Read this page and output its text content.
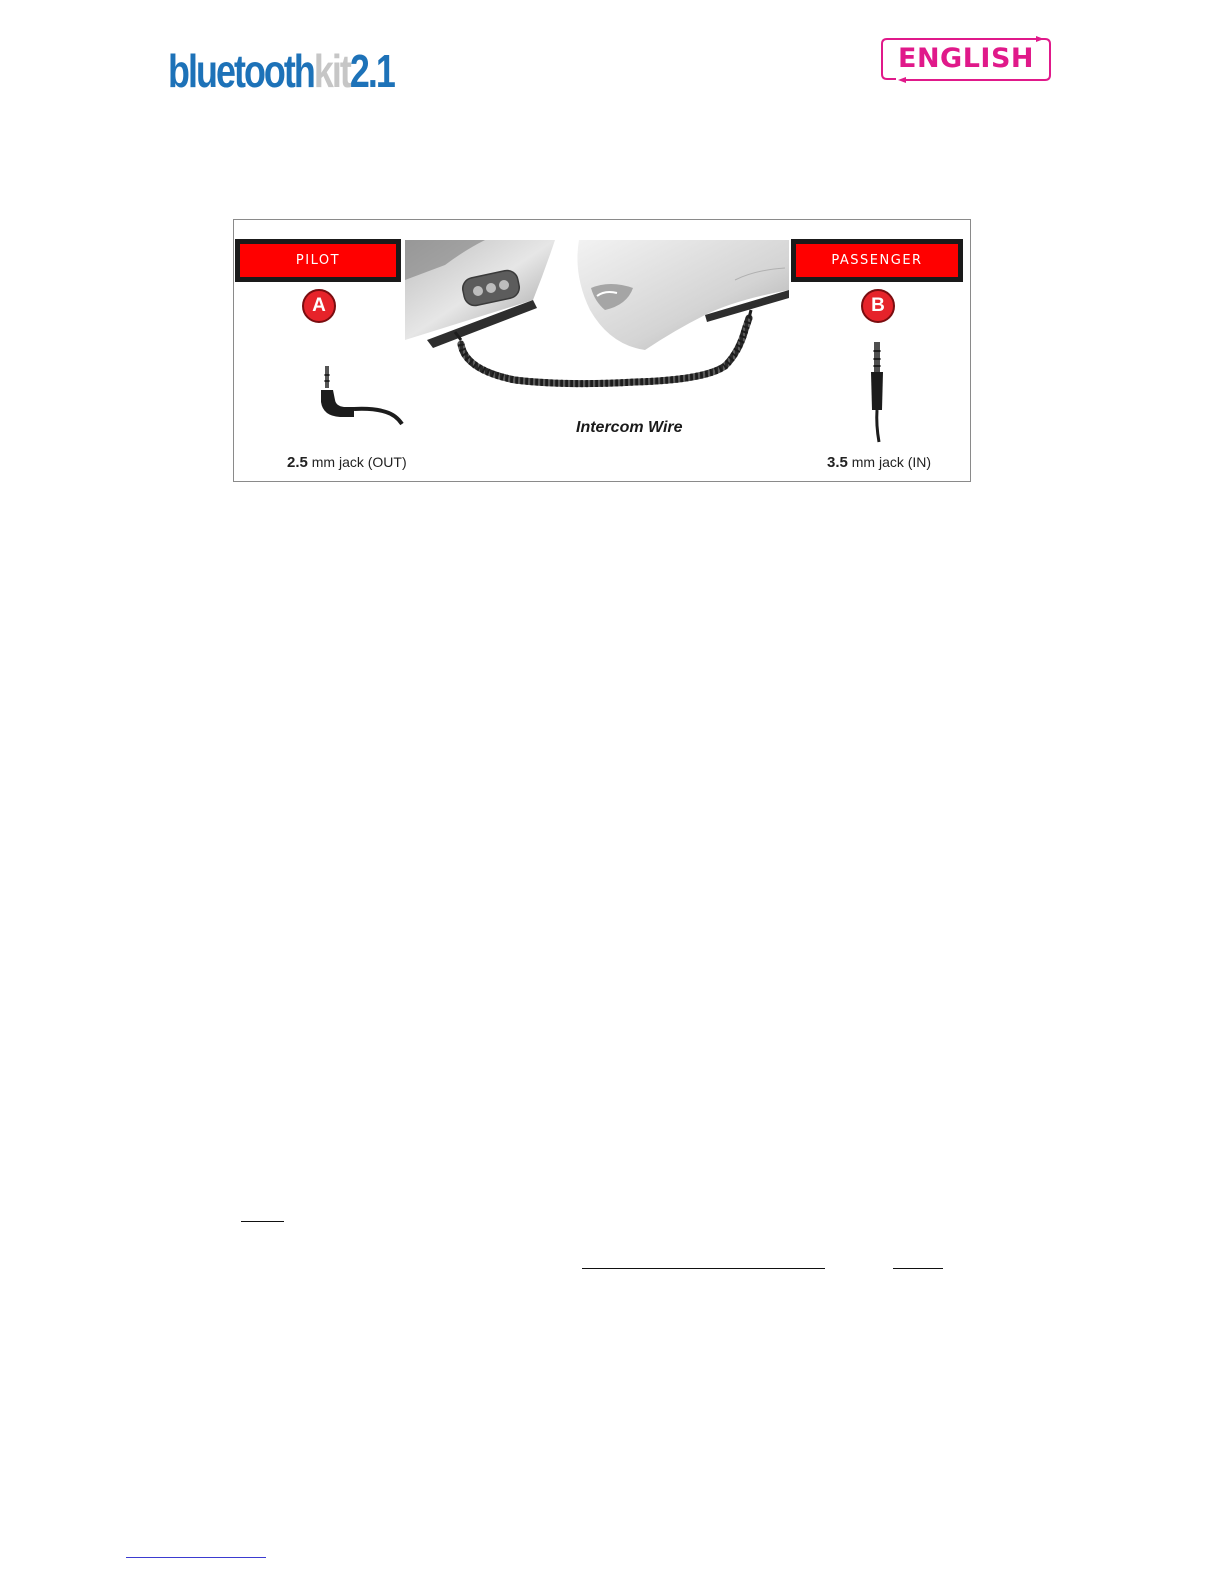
bluetooth kit 2.1	ENGLISH
PILOT	PASSENGER
A	B
Intercom Wire
2.5 mm jack (OUT)	3.5 mm jack (IN)
